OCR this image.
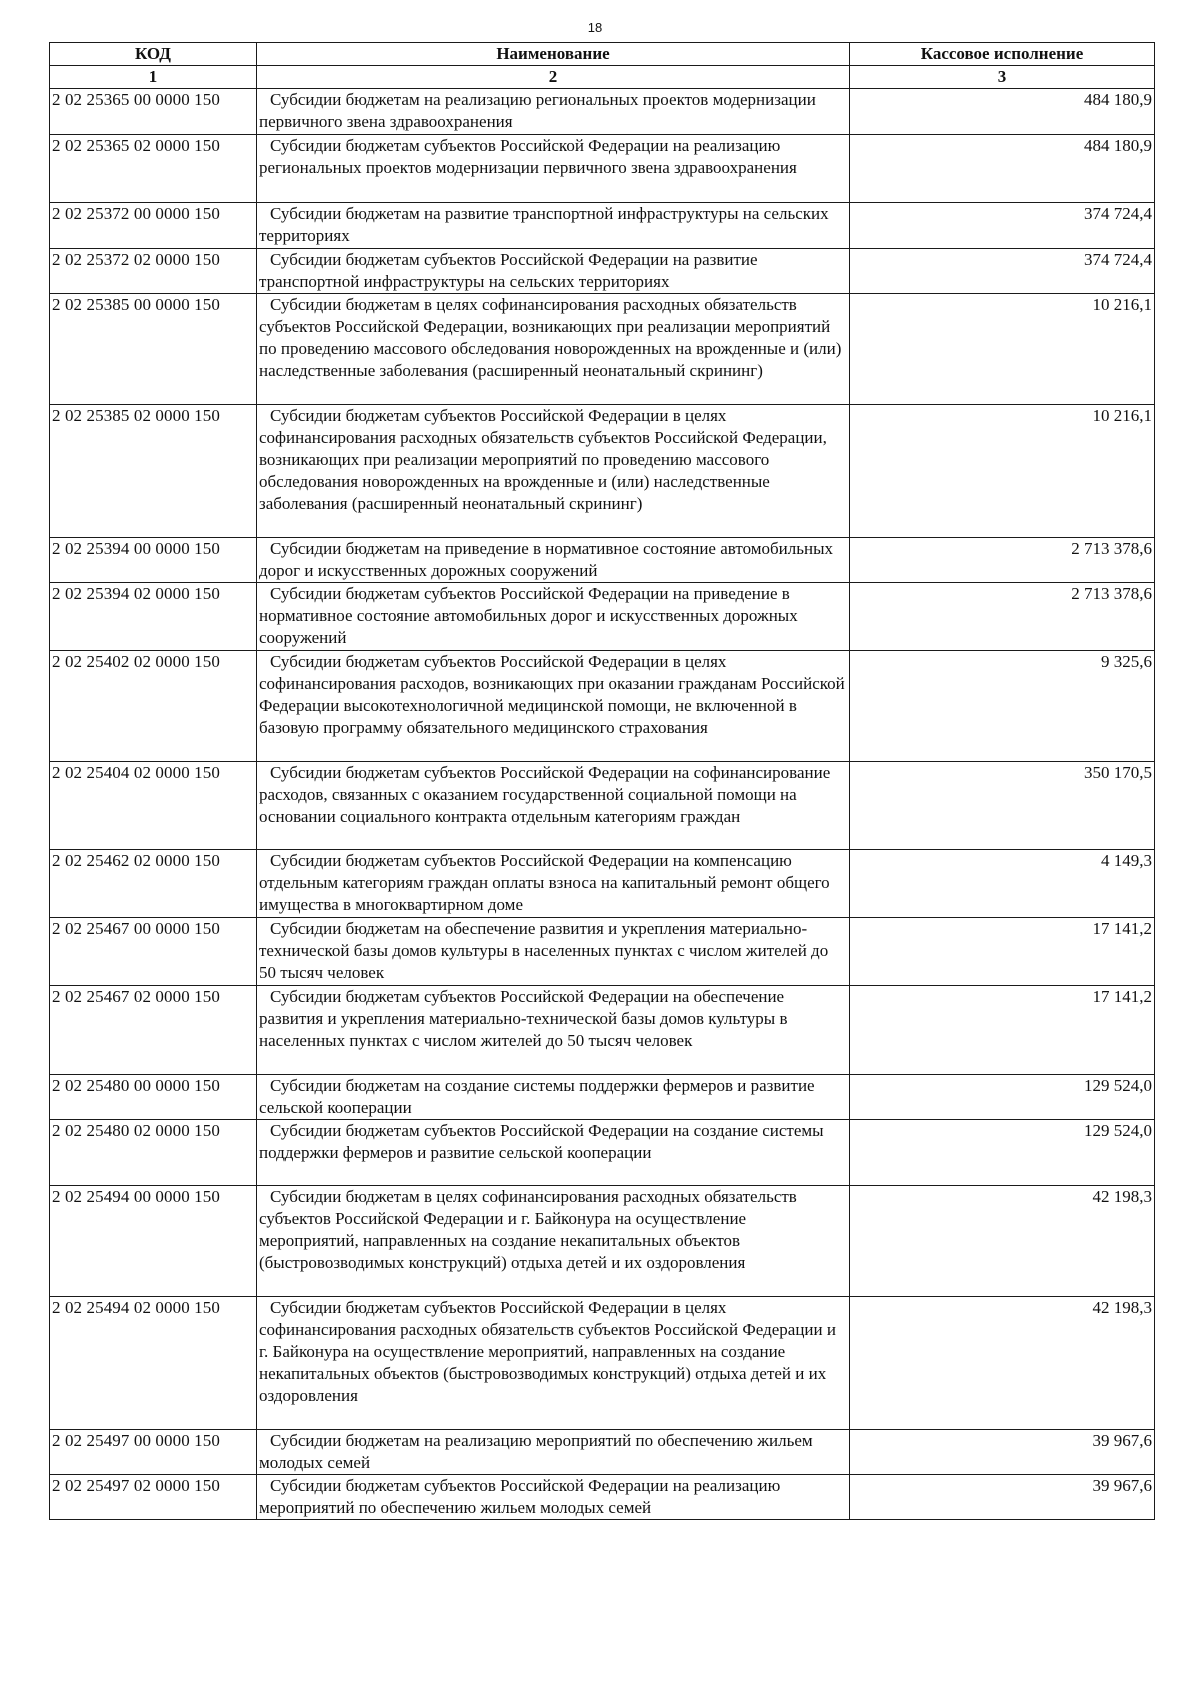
18
КОД	Наименование	Кассовое исполнение
1	2	3
2 02 25365 00 0000 150	Субсидии бюджетам на реализацию региональных проектов модернизации первичного звена здравоохранения	484 180,9
2 02 25365 02 0000 150	Субсидии бюджетам субъектов Российской Федерации на реализацию региональных проектов модернизации первичного звена здравоохранения	484 180,9
2 02 25372 00 0000 150	Субсидии бюджетам на развитие транспортной инфраструктуры на сельских территориях	374 724,4
2 02 25372 02 0000 150	Субсидии бюджетам субъектов Российской Федерации на развитие транспортной инфраструктуры на сельских территориях	374 724,4
2 02 25385 00 0000 150	Субсидии бюджетам в целях софинансирования расходных обязательств субъектов Российской Федерации, возникающих при реализации мероприятий по проведению массового обследования новорожденных на врожденные и (или) наследственные заболевания (расширенный неонатальный скрининг)	10 216,1
2 02 25385 02 0000 150	Субсидии бюджетам субъектов Российской Федерации в целях софинансирования расходных обязательств субъектов Российской Федерации, возникающих при реализации мероприятий по проведению массового обследования новорожденных на врожденные и (или) наследственные заболевания (расширенный неонатальный скрининг)	10 216,1
2 02 25394 00 0000 150	Субсидии бюджетам на приведение в нормативное состояние автомобильных дорог и искусственных дорожных сооружений	2 713 378,6
2 02 25394 02 0000 150	Субсидии бюджетам субъектов Российской Федерации на приведение в нормативное состояние автомобильных дорог и искусственных дорожных сооружений	2 713 378,6
2 02 25402 02 0000 150	Субсидии бюджетам субъектов Российской Федерации в целях софинансирования расходов, возникающих при оказании гражданам Российской Федерации высокотехнологичной медицинской помощи, не включенной в базовую программу обязательного медицинского страхования	9 325,6
2 02 25404 02 0000 150	Субсидии бюджетам субъектов Российской Федерации на софинансирование расходов, связанных с оказанием государственной социальной помощи на основании социального контракта отдельным категориям граждан	350 170,5
2 02 25462 02 0000 150	Субсидии бюджетам субъектов Российской Федерации на компенсацию отдельным категориям граждан оплаты взноса на капитальный ремонт общего имущества в многоквартирном доме	4 149,3
2 02 25467 00 0000 150	Субсидии бюджетам на обеспечение развития и укрепления материально-технической базы домов культуры в населенных пунктах с числом жителей до 50 тысяч человек	17 141,2
2 02 25467 02 0000 150	Субсидии бюджетам субъектов Российской Федерации на обеспечение развития и укрепления материально-технической базы домов культуры в населенных пунктах с числом жителей до 50 тысяч человек	17 141,2
2 02 25480 00 0000 150	Субсидии бюджетам на создание системы поддержки фермеров и развитие сельской кооперации	129 524,0
2 02 25480 02 0000 150	Субсидии бюджетам субъектов Российской Федерации на создание системы поддержки фермеров и развитие сельской кооперации	129 524,0
2 02 25494 00 0000 150	Субсидии бюджетам в целях софинансирования расходных обязательств субъектов Российской Федерации и г. Байконура на осуществление мероприятий, направленных на создание некапитальных объектов (быстровозводимых конструкций) отдыха детей и их оздоровления	42 198,3
2 02 25494 02 0000 150	Субсидии бюджетам субъектов Российской Федерации в целях софинансирования расходных обязательств субъектов Российской Федерации и г. Байконура на осуществление мероприятий, направленных на создание некапитальных объектов (быстровозводимых конструкций) отдыха детей и их оздоровления	42 198,3
2 02 25497 00 0000 150	Субсидии бюджетам на реализацию мероприятий по обеспечению жильем молодых семей	39 967,6
2 02 25497 02 0000 150	Субсидии бюджетам субъектов Российской Федерации на реализацию мероприятий по обеспечению жильем молодых семей	39 967,6
